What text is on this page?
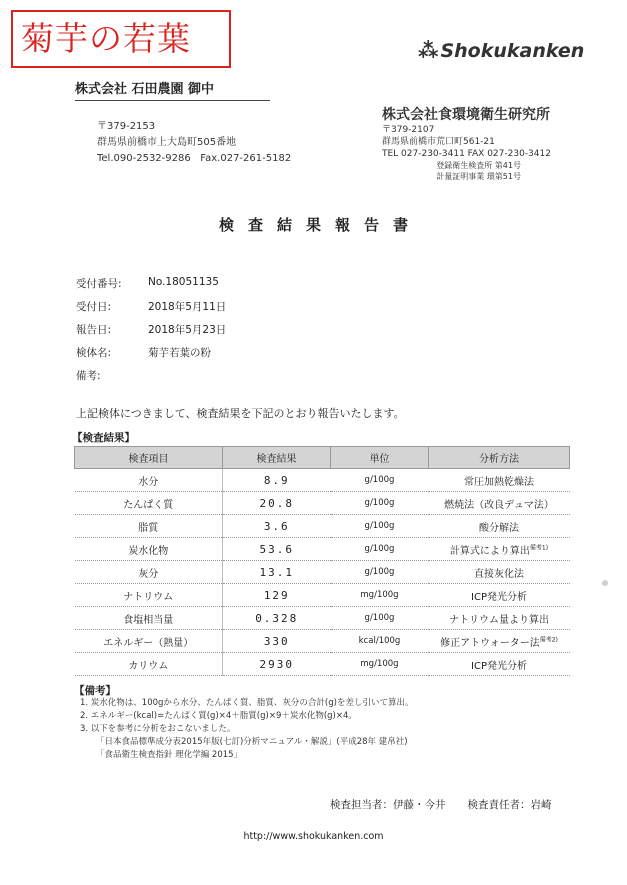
菊芋の若葉	⁂ Shokukanken
株式会社 石田農園 御中
〒379-2153
群馬県前橋市上大島町505番地
Tel.090-2532-9286 Fax.027-261-5182
株式会社食環境衛生研究所
〒379-2107
群馬県前橋市荒口町561-21
TEL 027-230-3411 FAX 027-230-3412
登録衛生検査所 第41号
計量証明事業 環第51号
検査結果報告書
受付番号:	No.18051135
受付日:	2018年5月11日
報告日:	2018年5月23日
検体名:	菊芋若葉の粉
備考:
上記検体につきまして、検査結果を下記のとおり報告いたします。
【検査結果】
検査項目	検査結果	単位	分析方法
水分	8.9	g/100g	常圧加熱乾燥法
たんぱく質	20.8	g/100g	燃焼法（改良デュマ法）
脂質	3.6	g/100g	酸分解法
炭水化物	53.6	g/100g	計算式により算出$^{備考1)}$
灰分	13.1	g/100g	直接灰化法
ナトリウム	129	mg/100g	ICP発光分析
食塩相当量	0.328	g/100g	ナトリウム量より算出
エネルギー（熱量）	330	kcal/100g	修正アトウォーター法$^{備考2)}$
カリウム	2930	mg/100g	ICP発光分析
【備考】
1. 炭水化物は、100gから水分、たんぱく質、脂質、灰分の合計(g)を差し引いて算出。
2. エネルギー(kcal)=たんぱく質(g)×4＋脂質(g)×9＋炭水化物(g)×4。
3. 以下を参考に分析をおこないました。
「日本食品標準成分表2015年版(七訂)分析マニュアル・解説」(平成28年 建帛社)
「食品衛生検査指針 理化学編 2015」
検査担当者：伊藤・今井 検査責任者：岩崎
http://www.shokukanken.com
